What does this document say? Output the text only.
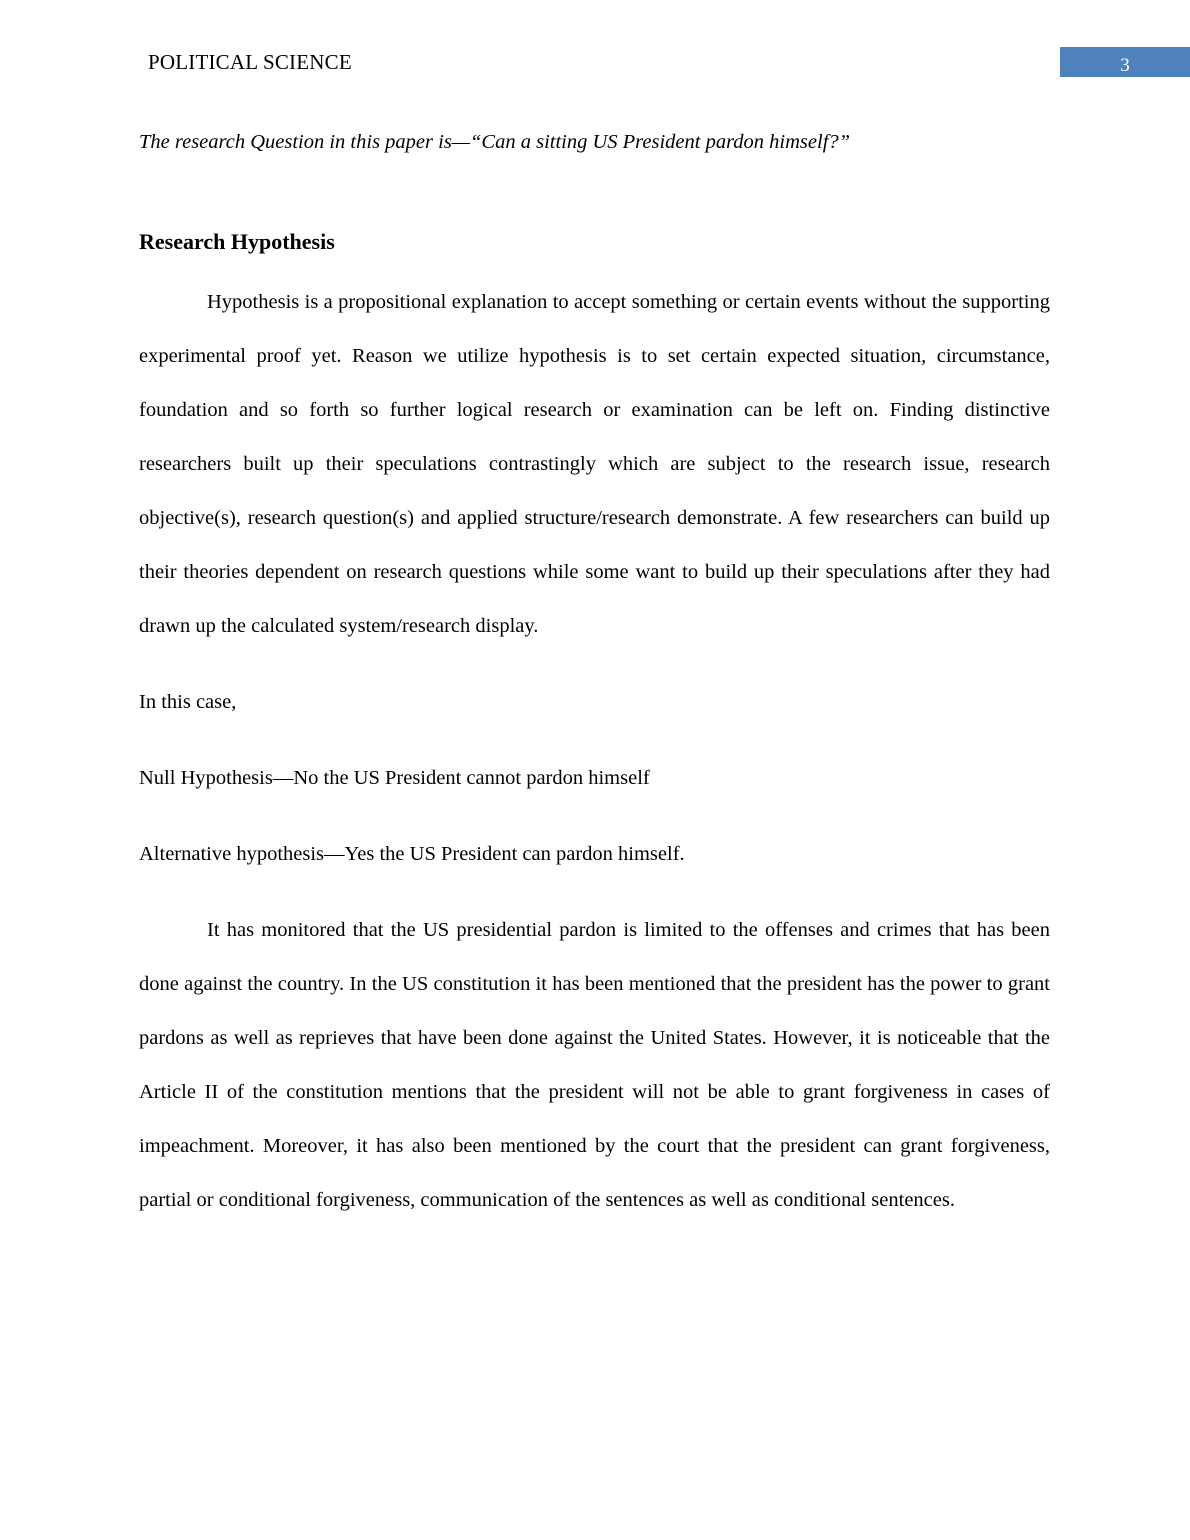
POLITICAL SCIENCE	3

The research Question in this paper is—“Can a sitting US President pardon himself?”

Research Hypothesis

Hypothesis is a propositional explanation to accept something or certain events without the supporting experimental proof yet. Reason we utilize hypothesis is to set certain expected situation, circumstance, foundation and so forth so further logical research or examination can be left on. Finding distinctive researchers built up their speculations contrastingly which are subject to the research issue, research objective(s), research question(s) and applied structure/research demonstrate. A few researchers can build up their theories dependent on research questions while some want to build up their speculations after they had drawn up the calculated system/research display.

In this case,

Null Hypothesis—No the US President cannot pardon himself

Alternative hypothesis—Yes the US President can pardon himself.

It has monitored that the US presidential pardon is limited to the offenses and crimes that has been done against the country. In the US constitution it has been mentioned that the president has the power to grant pardons as well as reprieves that have been done against the United States. However, it is noticeable that the Article II of the constitution mentions that the president will not be able to grant forgiveness in cases of impeachment. Moreover, it has also been mentioned by the court that the president can grant forgiveness, partial or conditional forgiveness, communication of the sentences as well as conditional sentences.
